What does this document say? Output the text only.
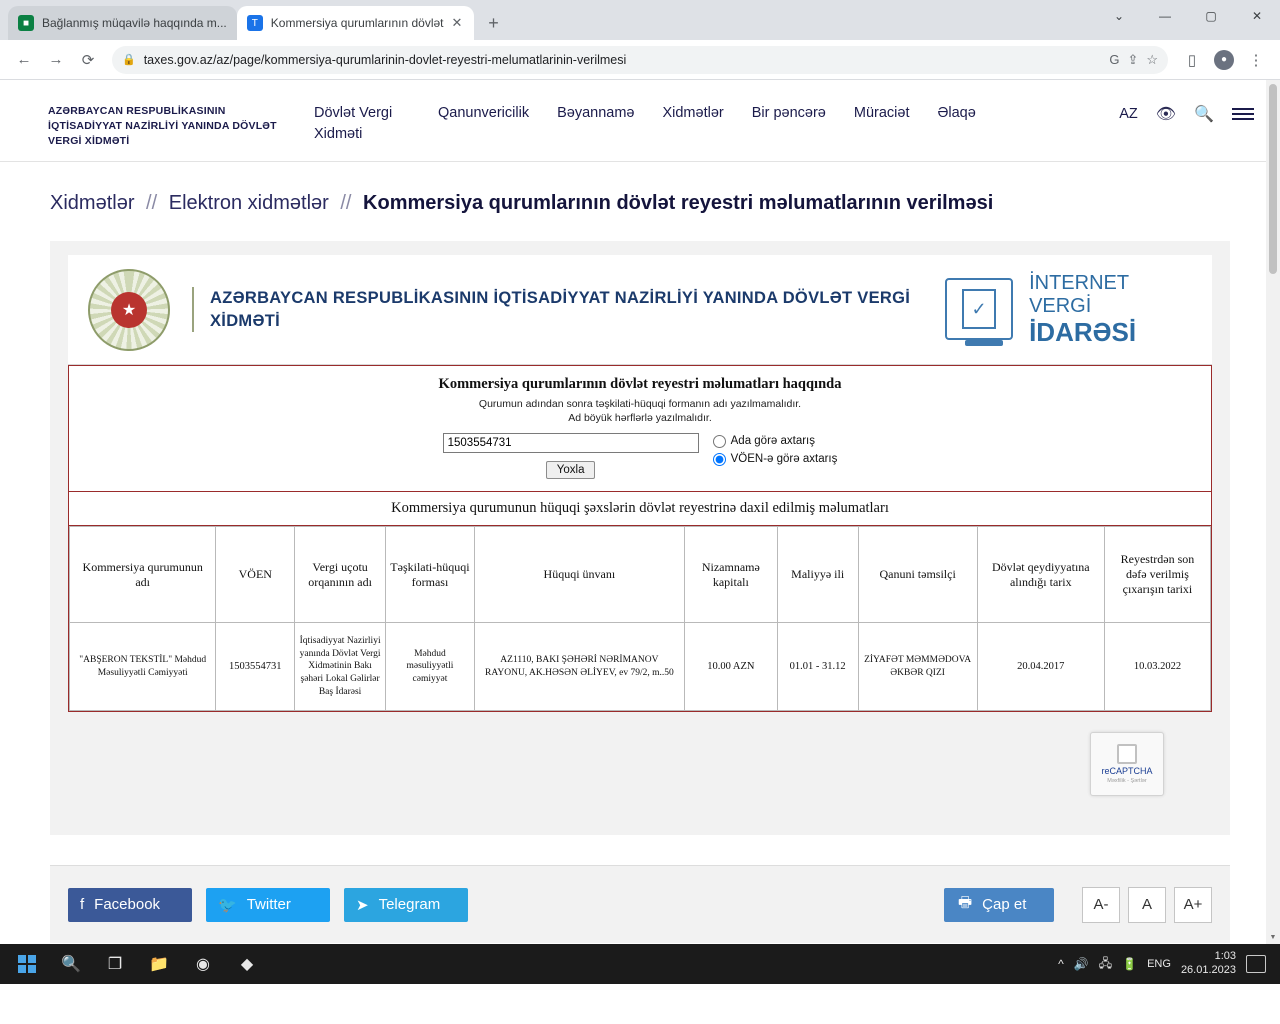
■	Bağlanmış müqavilə haqqında m...	T	Kommersiya qurumlarının dövlət ✕	+	⌄	—	▢	✕
←	→	⟳	🔒 taxes.gov.az/az/page/kommersiya-qurumlarinin-dovlet-reyestri-melumatlarinin-verilmesi	G ⇪ ☆	▯	●	⋮
AZƏRBAYCAN RESPUBLİKASININ İQTİSADİYYAT NAZİRLİYİ YANINDA DÖVLƏT VERGİ XİDMƏTİ
Dövlət Vergi Xidməti
Qanunvericilik Bəyannamə Xidmətlər Bir pəncərə Müraciət Əlaqə	AZ 👁 🔍
Xidmətlər // Elektron xidmətlər // Kommersiya qurumlarının dövlət reyestri məlumatlarının verilməsi
★
AZƏRBAYCAN RESPUBLİKASININ İQTİSADİYYAT NAZİRLİYİ YANINDA DÖVLƏT VERGİ XİDMƏTİ
✓
İNTERNET VERGİ
İDARƏSİ
Kommersiya qurumlarının dövlət reyestri məlumatları haqqında
Qurumun adından sonra təşkilati-hüquqi formanın adı yazılmamalıdır.
Ad böyük hərflərlə yazılmalıdır.
1503554731
Yoxla
Ada görə axtarış
VÖEN-ə görə axtarış
Kommersiya qurumunun hüquqi şəxslərin dövlət reyestrinə daxil edilmiş məlumatları
Kommersiya qurumunun adı	VÖEN	Vergi uçotu orqanının adı	Təşkilati-hüquqi forması	Hüquqi ünvanı	Nizamnamə kapitalı	Maliyyə ili	Qanuni təmsilçi	Dövlət qeydiyyatına alındığı tarix	Reyestrdən son dəfə verilmiş çıxarışın tarixi
"ABŞERON TEKSTİL" Məhdud Məsuliyyətli Cəmiyyəti	1503554731	İqtisadiyyat Nazirliyi yanında Dövlət Vergi Xidmətinin Bakı şəhəri Lokal Gəlirlər Baş İdarəsi	Məhdud məsuliyyətli cəmiyyət	AZ1110, BAKI ŞƏHƏRİ NƏRİMANOV RAYONU, AK.HƏSƏN ƏLİYEV, ev 79/2, m..50	10.00 AZN	01.01 - 31.12	ZİYAFƏT MƏMMƏDOVA ƏKBƏR QIZI	20.04.2017	10.03.2022
reCAPTCHA
Məxfilik - Şərtlər
f Facebook	🐦 Twitter	➤ Telegram	🖶 Çap et	A-	A	A+
▼
🔍	❐	📁	◉	◆	^ 🔊 🖧 🔋 ENG
1:03
26.01.2023
